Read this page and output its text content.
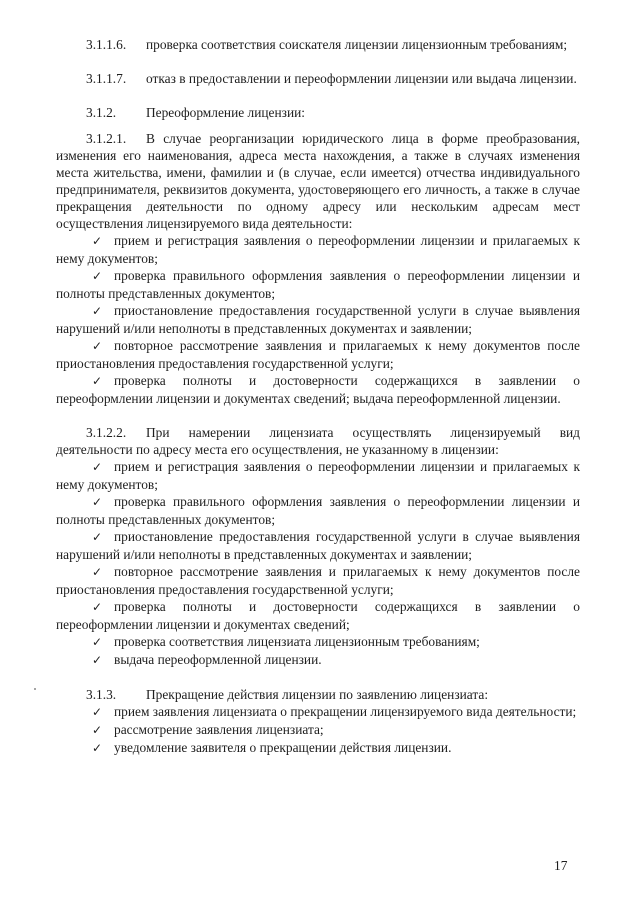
3.1.1.6. проверка соответствия соискателя лицензии лицензионным требованиям;

3.1.1.7. отказ в предоставлении и переоформлении лицензии или выдача лицензии.

3.1.2. Переоформление лицензии:

3.1.2.1. В случае реорганизации юридического лица в форме преобразования, изменения его наименования, адреса места нахождения, а также в случаях изменения места жительства, имени, фамилии и (в случае, если имеется) отчества индивидуального предпринимателя, реквизитов документа, удостоверяющего его личность, а также в случае прекращения деятельности по одному адресу или нескольким адресам мест осуществления лицензируемого вида деятельности:

✓ прием и регистрация заявления о переоформлении лицензии и прилагаемых к нему документов;

✓ проверка правильного оформления заявления о переоформлении лицензии и полноты представленных документов;

✓ приостановление предоставления государственной услуги в случае выявления нарушений и/или неполноты в представленных документах и заявлении;

✓ повторное рассмотрение заявления и прилагаемых к нему документов после приостановления предоставления государственной услуги;

✓ проверка полноты и достоверности содержащихся в заявлении о переоформлении лицензии и документах сведений; выдача переоформленной лицензии.

3.1.2.2. При намерении лицензиата осуществлять лицензируемый вид деятельности по адресу места его осуществления, не указанному в лицензии:

✓ прием и регистрация заявления о переоформлении лицензии и прилагаемых к нему документов;

✓ проверка правильного оформления заявления о переоформлении лицензии и полноты представленных документов;

✓ приостановление предоставления государственной услуги в случае выявления нарушений и/или неполноты в представленных документах и заявлении;

✓ повторное рассмотрение заявления и прилагаемых к нему документов после приостановления предоставления государственной услуги;

✓ проверка полноты и достоверности содержащихся в заявлении о переоформлении лицензии и документах сведений;

✓ проверка соответствия лицензиата лицензионным требованиям;

✓ выдача переоформленной лицензии.

3.1.3. Прекращение действия лицензии по заявлению лицензиата:

✓ прием заявления лицензиата о прекращении лицензируемого вида деятельности;

✓ рассмотрение заявления лицензиата;

✓ уведомление заявителя о прекращении действия лицензии.

17
